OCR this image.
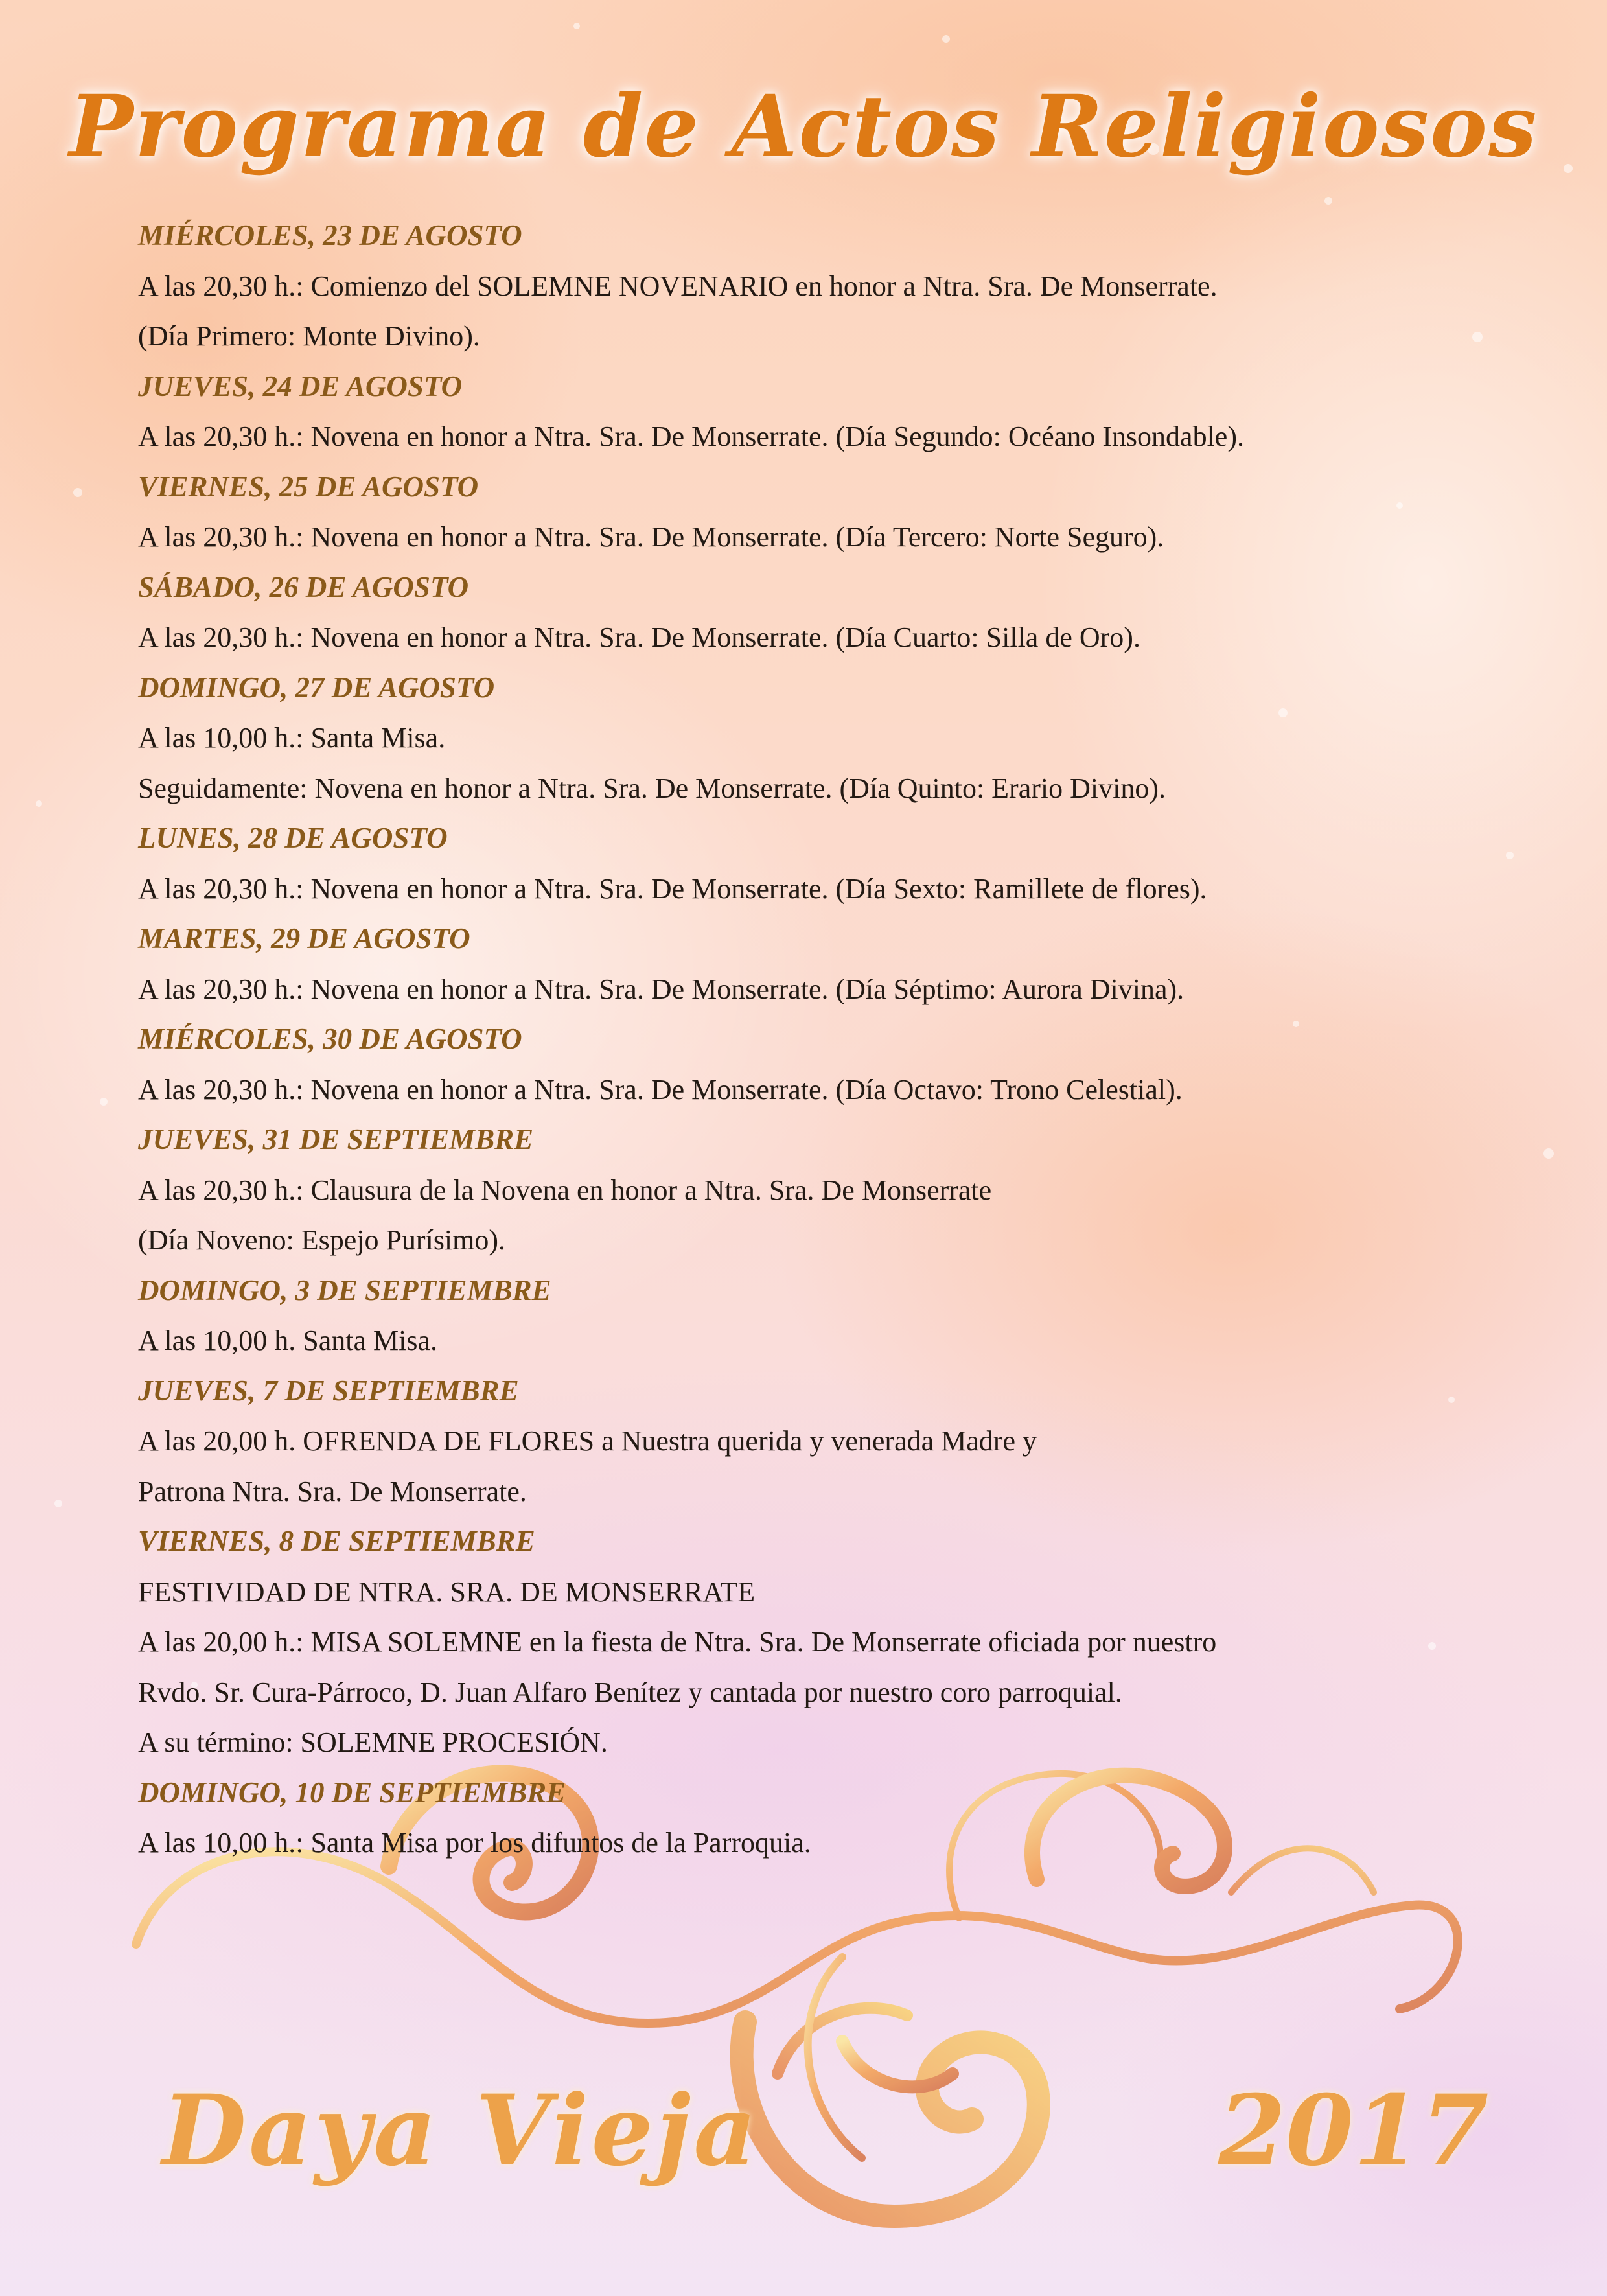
Programa de Actos Religiosos
MIÉRCOLES, 23 DE AGOSTO
A las 20,30 h.: Comienzo del SOLEMNE NOVENARIO en honor a Ntra. Sra. De Monserrate.
(Día Primero: Monte Divino).
JUEVES, 24 DE AGOSTO
A las 20,30 h.: Novena en honor a Ntra. Sra. De Monserrate. (Día Segundo: Océano Insondable).
VIERNES, 25 DE AGOSTO
A las 20,30 h.: Novena en honor a Ntra. Sra. De Monserrate. (Día Tercero: Norte Seguro).
SÁBADO, 26 DE AGOSTO
A las 20,30 h.: Novena en honor a Ntra. Sra. De Monserrate. (Día Cuarto: Silla de Oro).
DOMINGO, 27 DE AGOSTO
A las 10,00 h.: Santa Misa.
Seguidamente: Novena en honor a Ntra. Sra. De Monserrate. (Día Quinto: Erario Divino).
LUNES, 28 DE AGOSTO
A las 20,30 h.: Novena en honor a Ntra. Sra. De Monserrate. (Día Sexto: Ramillete de flores).
MARTES, 29 DE AGOSTO
A las 20,30 h.: Novena en honor a Ntra. Sra. De Monserrate. (Día Séptimo: Aurora Divina).
MIÉRCOLES, 30 DE AGOSTO
A las 20,30 h.: Novena en honor a Ntra. Sra. De Monserrate. (Día Octavo: Trono Celestial).
JUEVES, 31 DE SEPTIEMBRE
A las 20,30 h.: Clausura de la Novena en honor a Ntra. Sra. De Monserrate
(Día Noveno: Espejo Purísimo).
DOMINGO, 3 DE SEPTIEMBRE
A las 10,00 h. Santa Misa.
JUEVES, 7 DE SEPTIEMBRE
A las 20,00 h. OFRENDA DE FLORES a Nuestra querida y venerada Madre y
Patrona Ntra. Sra. De Monserrate.
VIERNES, 8 DE SEPTIEMBRE
FESTIVIDAD DE NTRA. SRA. DE MONSERRATE
A las 20,00 h.: MISA SOLEMNE en la fiesta de Ntra. Sra. De Monserrate oficiada por nuestro
Rvdo. Sr. Cura-Párroco, D. Juan Alfaro Benítez y cantada por nuestro coro parroquial.
A su término: SOLEMNE PROCESIÓN.
DOMINGO, 10 DE SEPTIEMBRE
A las 10,00 h.: Santa Misa por los difuntos de la Parroquia.
Daya Vieja	2017
